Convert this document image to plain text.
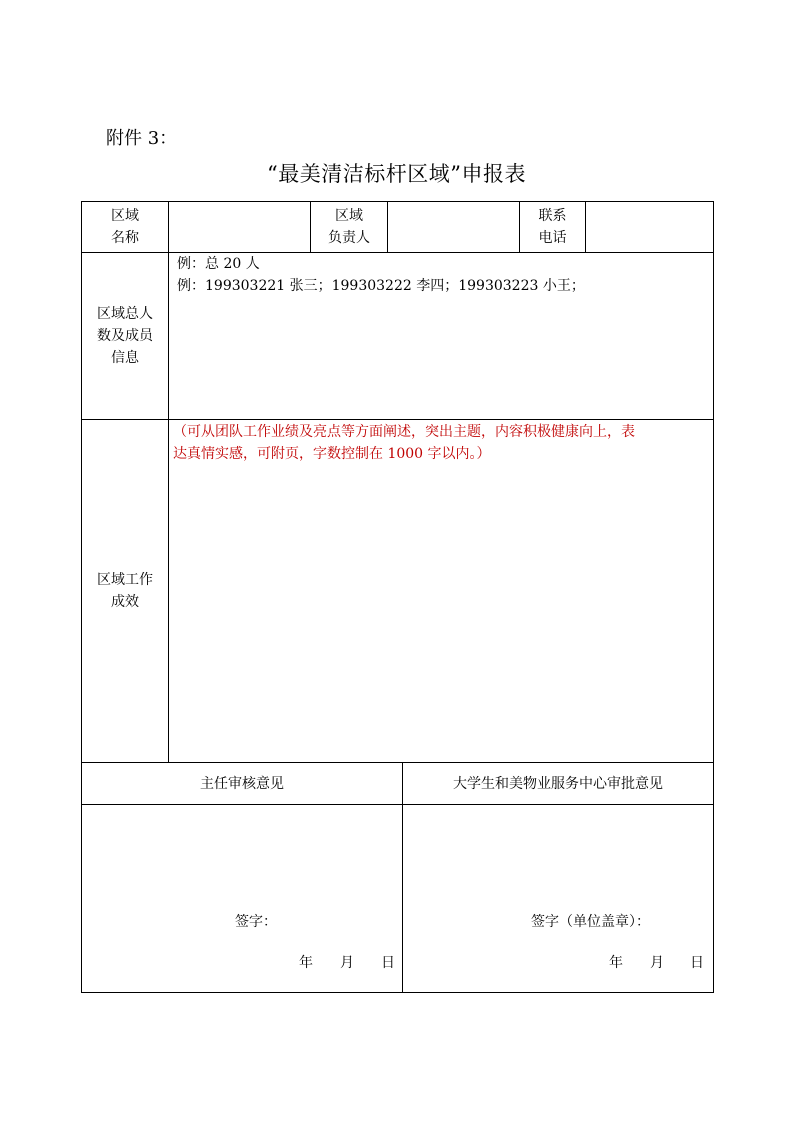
附件 3：
“最美清洁标杆区域”申报表
区域
名称
区域
负责人
联系
电话
区域总人
数及成员
信息
例：总 20 人
例：199303221 张三；199303222 李四；199303223 小王；
区域工作
成效
（可从团队工作业绩及亮点等方面阐述，突出主题，内容积极健康向上，表
达真情实感，可附页，字数控制在 1000 字以内。）
主任审核意见	大学生和美物业服务中心审批意见
签字：
年 月 日
签字（单位盖章）：
年 月 日
